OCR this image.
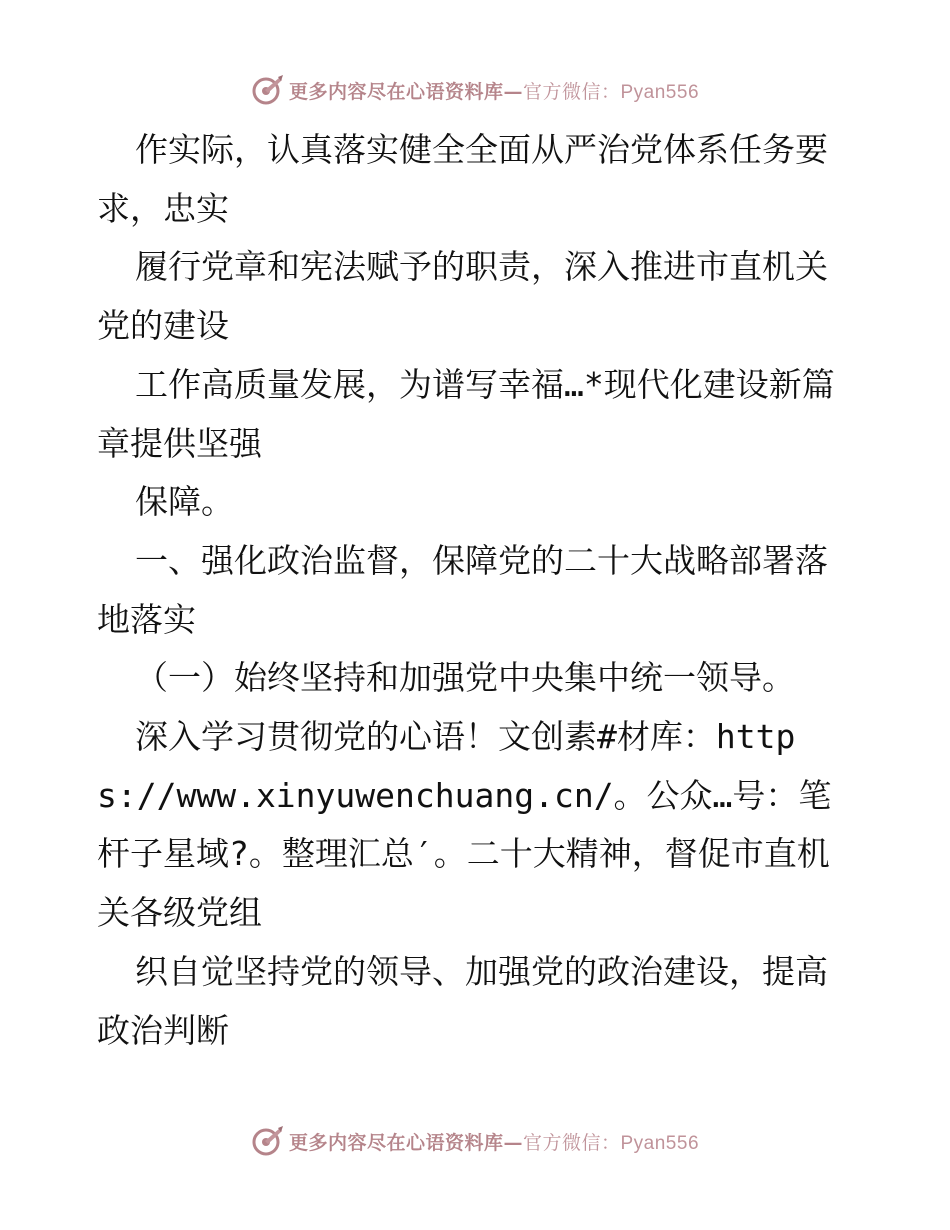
更多内容尽在心语资料库—官方微信：Pyan556

作实际，认真落实健全全面从严治党体系任务要求，忠实

履行党章和宪法赋予的职责，深入推进市直机关党的建设

工作高质量发展，为谱写幸福…*现代化建设新篇章提供坚强

保障。

一、强化政治监督，保障党的二十大战略部署落地落实

（一）始终坚持和加强党中央集中统一领导。

深入学习贯彻党的心语！文创素#材库：https://www.xinyuwenchuang.cn/。公众…号：笔杆子星域?。整理汇总′。二十大精神，督促市直机关各级党组

织自觉坚持党的领导、加强党的政治建设，提高政治判断

更多内容尽在心语资料库—官方微信：Pyan556
